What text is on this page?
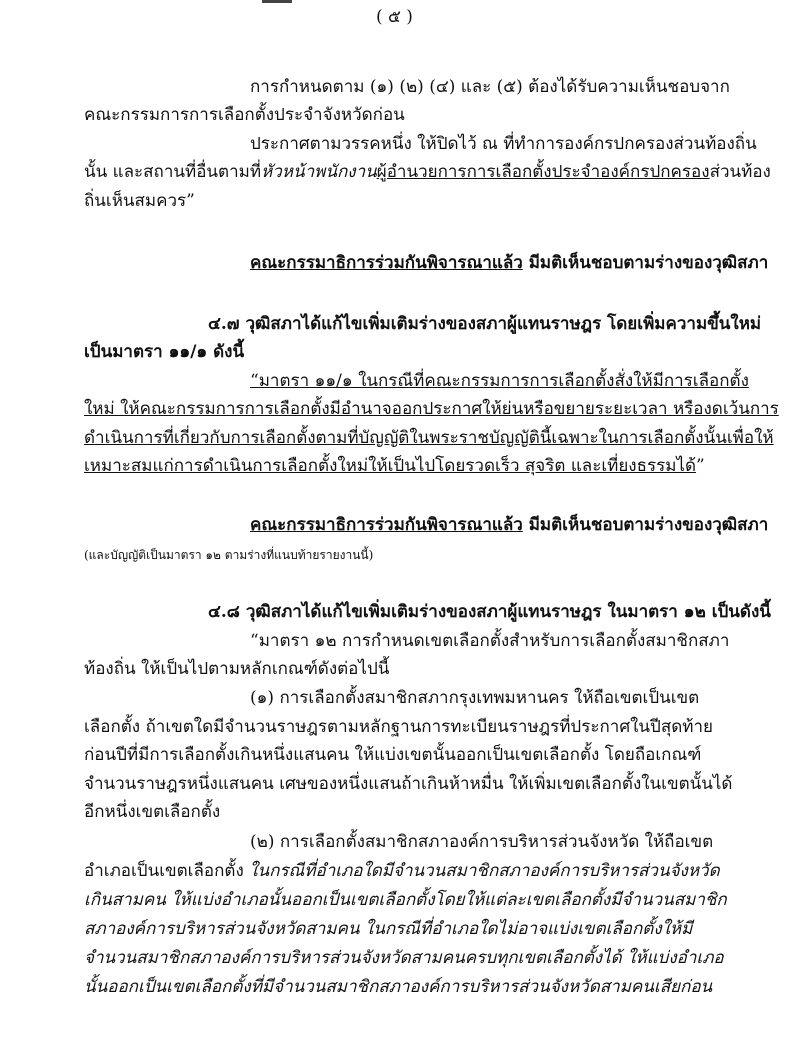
( ๕ )
การกำหนดตาม (๑) (๒) (๔) และ (๕) ต้องได้รับความเห็นชอบจาก
คณะกรรมการการเลือกตั้งประจำจังหวัดก่อน
ประกาศตามวรรคหนึ่ง ให้ปิดไว้ ณ ที่ทำการองค์กรปกครองส่วนท้องถิ่น
นั้น และสถานที่อื่นตามที่หัวหน้าพนักงานผู้อำนวยการการเลือกตั้งประจำองค์กรปกครองส่วนท้อง
ถิ่นเห็นสมควร”
คณะกรรมาธิการร่วมกันพิจารณาแล้ว มีมติเห็นชอบตามร่างของวุฒิสภา
๔.๗ วุฒิสภาได้แก้ไขเพิ่มเติมร่างของสภาผู้แทนราษฎร โดยเพิ่มความขึ้นใหม่
เป็นมาตรา ๑๑/๑ ดังนี้
“มาตรา ๑๑/๑ ในกรณีที่คณะกรรมการการเลือกตั้งสั่งให้มีการเลือกตั้ง
ใหม่ ให้คณะกรรมการการเลือกตั้งมีอำนาจออกประกาศให้ย่นหรือขยายระยะเวลา หรืองดเว้นการ
ดำเนินการที่เกี่ยวกับการเลือกตั้งตามที่บัญญัติในพระราชบัญญัตินี้เฉพาะในการเลือกตั้งนั้นเพื่อให้
เหมาะสมแก่การดำเนินการเลือกตั้งใหม่ให้เป็นไปโดยรวดเร็ว สุจริต และเที่ยงธรรมได้”
คณะกรรมาธิการร่วมกันพิจารณาแล้ว มีมติเห็นชอบตามร่างของวุฒิสภา
(และบัญญัติเป็นมาตรา ๑๒ ตามร่างที่แนบท้ายรายงานนี้)
๔.๘ วุฒิสภาได้แก้ไขเพิ่มเติมร่างของสภาผู้แทนราษฎร ในมาตรา ๑๒ เป็นดังนี้
“มาตรา ๑๒ การกำหนดเขตเลือกตั้งสำหรับการเลือกตั้งสมาชิกสภา
ท้องถิ่น ให้เป็นไปตามหลักเกณฑ์ดังต่อไปนี้
(๑) การเลือกตั้งสมาชิกสภากรุงเทพมหานคร ให้ถือเขตเป็นเขต
เลือกตั้ง ถ้าเขตใดมีจำนวนราษฎรตามหลักฐานการทะเบียนราษฎรที่ประกาศในปีสุดท้าย
ก่อนปีที่มีการเลือกตั้งเกินหนึ่งแสนคน ให้แบ่งเขตนั้นออกเป็นเขตเลือกตั้ง โดยถือเกณฑ์
จำนวนราษฎรหนึ่งแสนคน เศษของหนึ่งแสนถ้าเกินห้าหมื่น ให้เพิ่มเขตเลือกตั้งในเขตนั้นได้
อีกหนึ่งเขตเลือกตั้ง
(๒) การเลือกตั้งสมาชิกสภาองค์การบริหารส่วนจังหวัด ให้ถือเขต
อำเภอเป็นเขตเลือกตั้ง ในกรณีที่อำเภอใดมีจำนวนสมาชิกสภาองค์การบริหารส่วนจังหวัด
เกินสามคน ให้แบ่งอำเภอนั้นออกเป็นเขตเลือกตั้งโดยให้แต่ละเขตเลือกตั้งมีจำนวนสมาชิก
สภาองค์การบริหารส่วนจังหวัดสามคน ในกรณีที่อำเภอใดไม่อาจแบ่งเขตเลือกตั้งให้มี
จำนวนสมาชิกสภาองค์การบริหารส่วนจังหวัดสามคนครบทุกเขตเลือกตั้งได้ ให้แบ่งอำเภอ
นั้นออกเป็นเขตเลือกตั้งที่มีจำนวนสมาชิกสภาองค์การบริหารส่วนจังหวัดสามคนเสียก่อน
